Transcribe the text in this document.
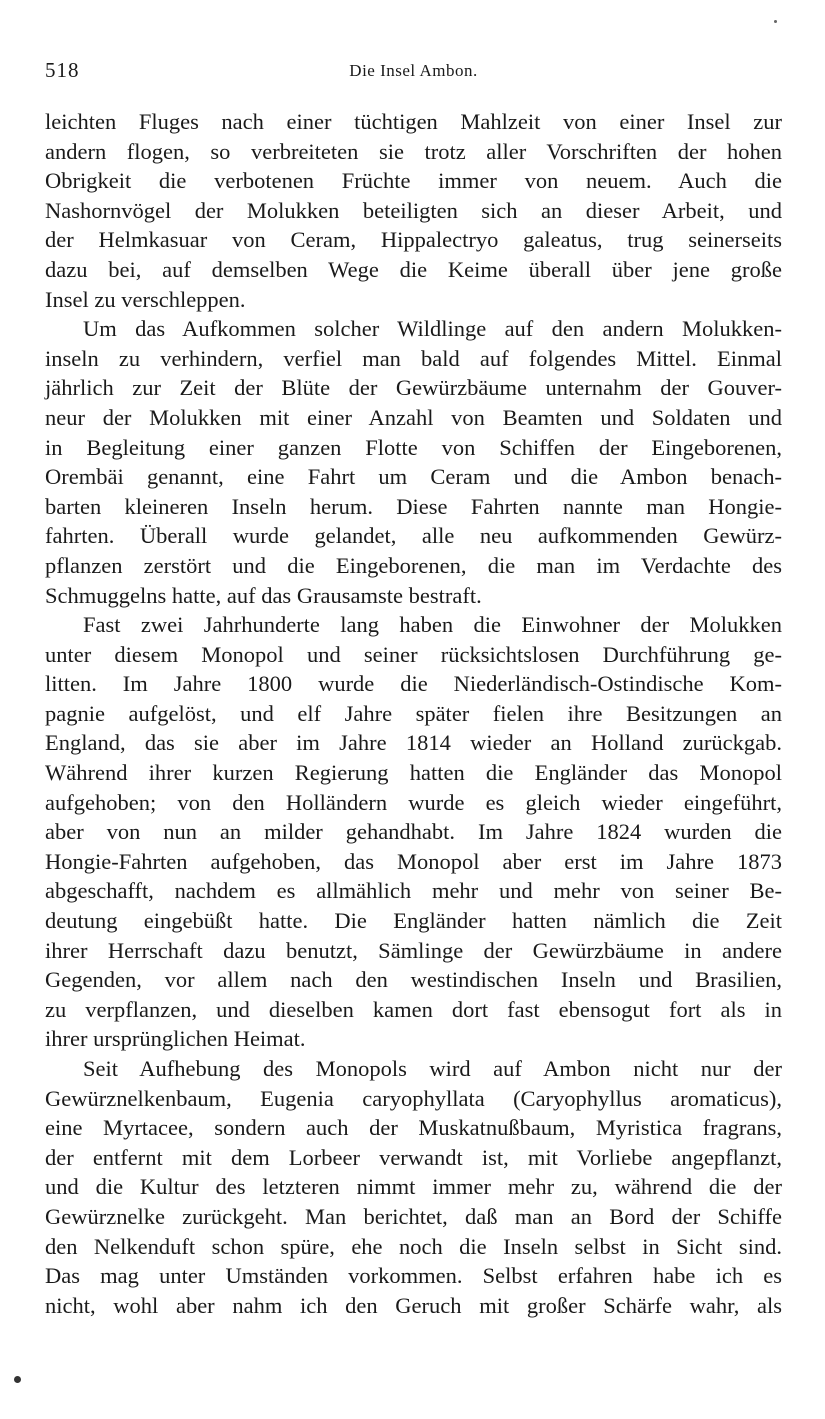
518	Die Insel Ambon.
leichten Fluges nach einer tüchtigen Mahlzeit von einer Insel zur
andern flogen, so verbreiteten sie trotz aller Vorschriften der hohen
Obrigkeit die verbotenen Früchte immer von neuem. Auch die
Nashornvögel der Molukken beteiligten sich an dieser Arbeit, und
der Helmkasuar von Ceram, Hippalectryo galeatus, trug seinerseits
dazu bei, auf demselben Wege die Keime überall über jene große
Insel zu verschleppen.
Um das Aufkommen solcher Wildlinge auf den andern Molukken-
inseln zu verhindern, verfiel man bald auf folgendes Mittel. Einmal
jährlich zur Zeit der Blüte der Gewürzbäume unternahm der Gouver-
neur der Molukken mit einer Anzahl von Beamten und Soldaten und
in Begleitung einer ganzen Flotte von Schiffen der Eingeborenen,
Orembäi genannt, eine Fahrt um Ceram und die Ambon benach-
barten kleineren Inseln herum. Diese Fahrten nannte man Hongie-
fahrten. Überall wurde gelandet, alle neu aufkommenden Gewürz-
pflanzen zerstört und die Eingeborenen, die man im Verdachte des
Schmuggelns hatte, auf das Grausamste bestraft.
Fast zwei Jahrhunderte lang haben die Einwohner der Molukken
unter diesem Monopol und seiner rücksichtslosen Durchführung ge-
litten. Im Jahre 1800 wurde die Niederländisch-Ostindische Kom-
pagnie aufgelöst, und elf Jahre später fielen ihre Besitzungen an
England, das sie aber im Jahre 1814 wieder an Holland zurückgab.
Während ihrer kurzen Regierung hatten die Engländer das Monopol
aufgehoben; von den Holländern wurde es gleich wieder eingeführt,
aber von nun an milder gehandhabt. Im Jahre 1824 wurden die
Hongie-Fahrten aufgehoben, das Monopol aber erst im Jahre 1873
abgeschafft, nachdem es allmählich mehr und mehr von seiner Be-
deutung eingebüßt hatte. Die Engländer hatten nämlich die Zeit
ihrer Herrschaft dazu benutzt, Sämlinge der Gewürzbäume in andere
Gegenden, vor allem nach den westindischen Inseln und Brasilien,
zu verpflanzen, und dieselben kamen dort fast ebensogut fort als in
ihrer ursprünglichen Heimat.
Seit Aufhebung des Monopols wird auf Ambon nicht nur der
Gewürznelkenbaum, Eugenia caryophyllata (Caryophyllus aromaticus),
eine Myrtacee, sondern auch der Muskatnußbaum, Myristica fragrans,
der entfernt mit dem Lorbeer verwandt ist, mit Vorliebe angepflanzt,
und die Kultur des letzteren nimmt immer mehr zu, während die der
Gewürznelke zurückgeht. Man berichtet, daß man an Bord der Schiffe
den Nelkenduft schon spüre, ehe noch die Inseln selbst in Sicht sind.
Das mag unter Umständen vorkommen. Selbst erfahren habe ich es
nicht, wohl aber nahm ich den Geruch mit großer Schärfe wahr, als
